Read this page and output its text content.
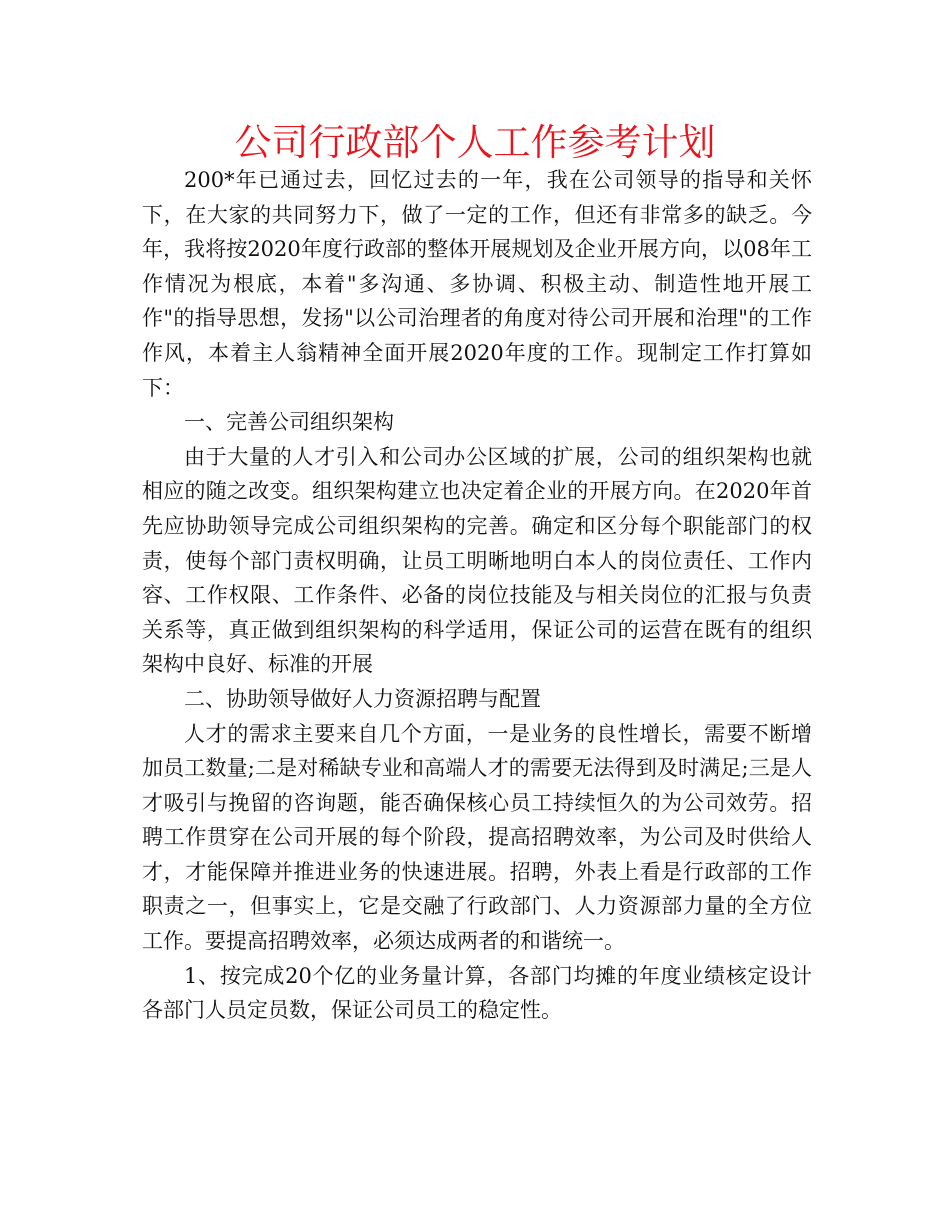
公司行政部个人工作参考计划

200*年已通过去，回忆过去的一年，我在公司领导的指导和关怀下，在大家的共同努力下，做了一定的工作，但还有非常多的缺乏。今年，我将按2020年度行政部的整体开展规划及企业开展方向，以08年工作情况为根底，本着"多沟通、多协调、积极主动、制造性地开展工作"的指导思想，发扬"以公司治理者的角度对待公司开展和治理"的工作作风，本着主人翁精神全面开展2020年度的工作。现制定工作打算如下：

一、完善公司组织架构

由于大量的人才引入和公司办公区域的扩展，公司的组织架构也就相应的随之改变。组织架构建立也决定着企业的开展方向。在2020年首先应协助领导完成公司组织架构的完善。确定和区分每个职能部门的权责，使每个部门责权明确，让员工明晰地明白本人的岗位责任、工作内容、工作权限、工作条件、必备的岗位技能及与相关岗位的汇报与负责关系等，真正做到组织架构的科学适用，保证公司的运营在既有的组织架构中良好、标准的开展

二、协助领导做好人力资源招聘与配置

人才的需求主要来自几个方面，一是业务的良性增长，需要不断增加员工数量;二是对稀缺专业和高端人才的需要无法得到及时满足;三是人才吸引与挽留的咨询题，能否确保核心员工持续恒久的为公司效劳。招聘工作贯穿在公司开展的每个阶段，提高招聘效率，为公司及时供给人才，才能保障并推进业务的快速进展。招聘，外表上看是行政部的工作职责之一，但事实上，它是交融了行政部门、人力资源部力量的全方位工作。要提高招聘效率，必须达成两者的和谐统一。

1、按完成20个亿的业务量计算，各部门均摊的年度业绩核定设计各部门人员定员数，保证公司员工的稳定性。
